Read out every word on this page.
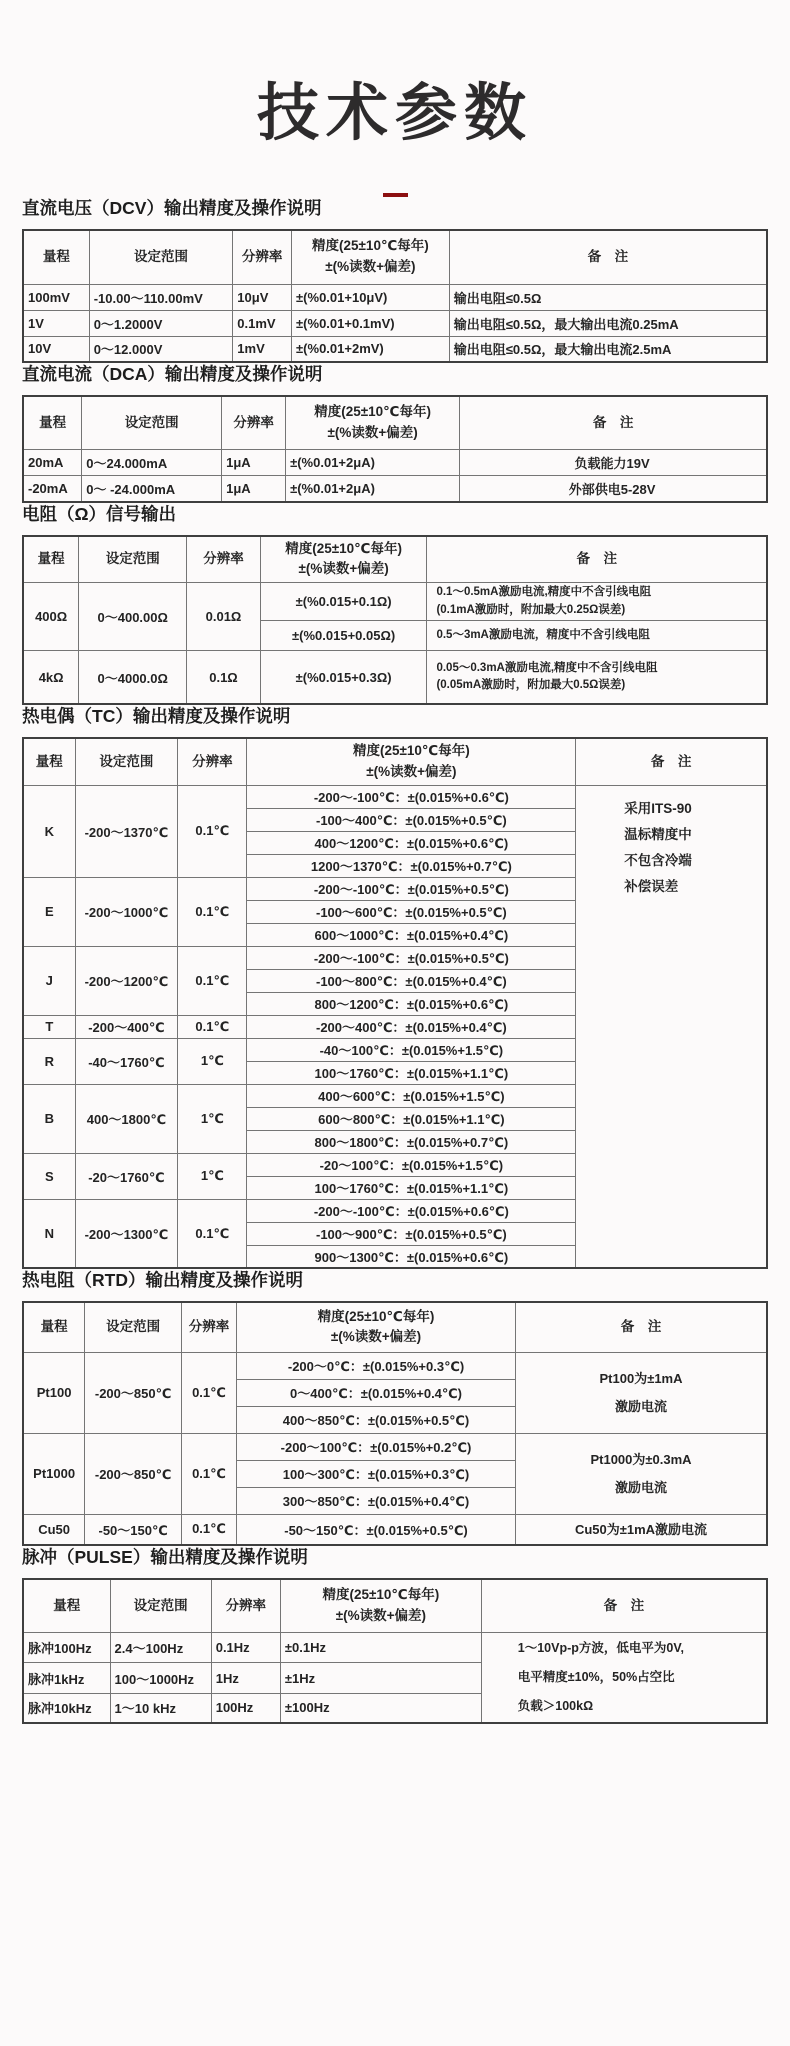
技术参数
直流电压（DCV）输出精度及操作说明
量程	设定范围	分辨率	精度(25±10℃每年)
±(%读数+偏差)	备　注
100mV	-10.00～110.00mV	10μV	±(%0.01+10μV)	输出电阻≤0.5Ω
1V	0～1.2000V	0.1mV	±(%0.01+0.1mV)	输出电阻≤0.5Ω，最大输出电流0.25mA
10V	0～12.000V	1mV	±(%0.01+2mV)	输出电阻≤0.5Ω，最大输出电流2.5mA
直流电流（DCA）输出精度及操作说明
量程	设定范围	分辨率	精度(25±10℃每年)
±(%读数+偏差)	备　注
20mA	0～24.000mA	1μA	±(%0.01+2μA)	负载能力19V
-20mA	0～ -24.000mA	1μA	±(%0.01+2μA)	外部供电5-28V
电阻（Ω）信号输出
量程	设定范围	分辨率	精度(25±10℃每年)
±(%读数+偏差)	备　注
400Ω	0～400.00Ω	0.01Ω	±(%0.015+0.1Ω)	0.1～0.5mA激励电流,精度中不含引线电阻
(0.1mA激励时，附加最大0.25Ω误差)

			±(%0.015+0.05Ω)	0.5～3mA激励电流，精度中不含引线电阻
4kΩ	0～4000.0Ω	0.1Ω	±(%0.015+0.3Ω)	0.05～0.3mA激励电流,精度中不含引线电阻
(0.05mA激励时，附加最大0.5Ω误差)
热电偶（TC）输出精度及操作说明
量程	设定范围	分辨率	精度(25±10℃每年)
±(%读数+偏差)	备　注
K	-200～1370℃	0.1℃	-200～-100℃：±(0.015%+0.6℃)	采用ITS-90
温标精度中
不包含冷端
补偿误差

			-100～400℃：±(0.015%+0.5℃)	
			400～1200℃：±(0.015%+0.6℃)	
			1200～1370℃：±(0.015%+0.7℃)	
E	-200～1000℃	0.1℃	-200～-100℃：±(0.015%+0.5℃)	
			-100～600℃：±(0.015%+0.5℃)	
			600～1000℃：±(0.015%+0.4℃)	
J	-200～1200℃	0.1℃	-200～-100℃：±(0.015%+0.5℃)	
			-100～800℃：±(0.015%+0.4℃)	
			800～1200℃：±(0.015%+0.6℃)	
T	-200～400℃	0.1℃	-200～400℃：±(0.015%+0.4℃)	
R	-40～1760℃	1℃	-40～100℃：±(0.015%+1.5℃)	
			100～1760℃：±(0.015%+1.1℃)	
B	400～1800℃	1℃	400～600℃：±(0.015%+1.5℃)	
			600～800℃：±(0.015%+1.1℃)	
			800～1800℃：±(0.015%+0.7℃)	
S	-20～1760℃	1℃	-20～100℃：±(0.015%+1.5℃)	
			100～1760℃：±(0.015%+1.1℃)	
N	-200～1300℃	0.1℃	-200～-100℃：±(0.015%+0.6℃)	
			-100～900℃：±(0.015%+0.5℃)	
			900～1300℃：±(0.015%+0.6℃)	
热电阻（RTD）输出精度及操作说明
量程	设定范围	分辨率	精度(25±10℃每年)
±(%读数+偏差)	备　注
Pt100	-200～850℃	0.1℃	-200～0℃：±(0.015%+0.3℃)	Pt100为±1mA
激励电流

			0～400℃：±(0.015%+0.4℃)	
			400～850℃：±(0.015%+0.5℃)	
Pt1000	-200～850℃	0.1℃	-200～100℃：±(0.015%+0.2℃)	Pt1000为±0.3mA
激励电流

			100～300℃：±(0.015%+0.3℃)	
			300～850℃：±(0.015%+0.4℃)	
Cu50	-50～150℃	0.1℃	-50～150℃：±(0.015%+0.5℃)	Cu50为±1mA激励电流
脉冲（PULSE）输出精度及操作说明
量程	设定范围	分辨率	精度(25±10℃每年)
±(%读数+偏差)	备　注
脉冲100Hz	2.4～100Hz	0.1Hz	±0.1Hz	1～10Vp-p方波，低电平为0V,
电平精度±10%，50%占空比
负载＞100kΩ

脉冲1kHz	100～1000Hz	1Hz	±1Hz	
脉冲10kHz	1～10 kHz	100Hz	±100Hz	
